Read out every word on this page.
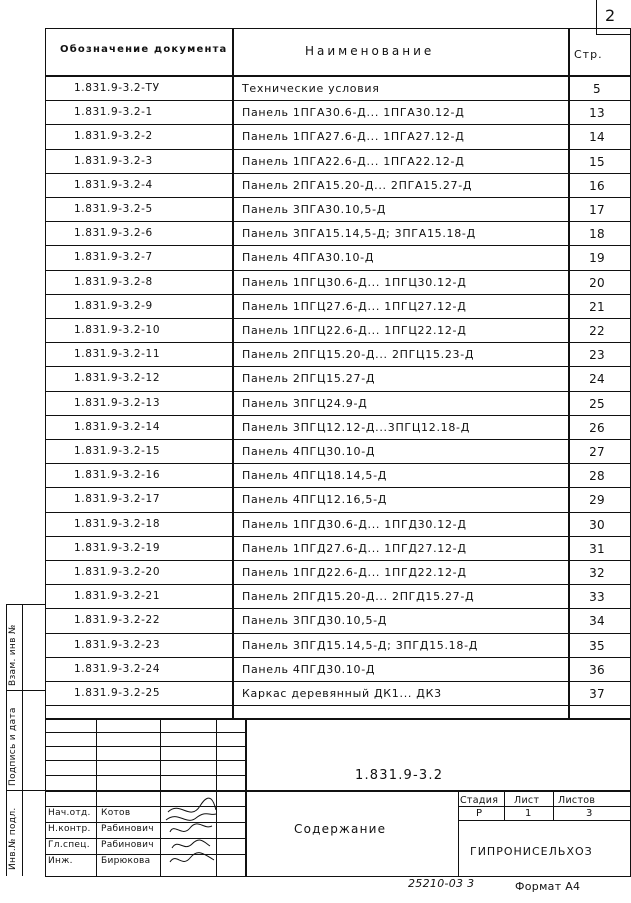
2
Обозначение документа	Наименование	Стр.
1.831.9-3.2-ТУ	Технические условия	5
1.831.9-3.2-1	Панель 1ПГА30.6-Д... 1ПГА30.12-Д	13
1.831.9-3.2-2	Панель 1ПГА27.6-Д... 1ПГА27.12-Д	14
1.831.9-3.2-3	Панель 1ПГА22.6-Д... 1ПГА22.12-Д	15
1.831.9-3.2-4	Панель 2ПГА15.20-Д... 2ПГА15.27-Д	16
1.831.9-3.2-5	Панель 3ПГА30.10,5-Д	17
1.831.9-3.2-6	Панель 3ПГА15.14,5-Д; 3ПГА15.18-Д	18
1.831.9-3.2-7	Панель 4ПГА30.10-Д	19
1.831.9-3.2-8	Панель 1ПГЦ30.6-Д... 1ПГЦ30.12-Д	20
1.831.9-3.2-9	Панель 1ПГЦ27.6-Д... 1ПГЦ27.12-Д	21
1.831.9-3.2-10	Панель 1ПГЦ22.6-Д... 1ПГЦ22.12-Д	22
1.831.9-3.2-11	Панель 2ПГЦ15.20-Д... 2ПГЦ15.23-Д	23
1.831.9-3.2-12	Панель 2ПГЦ15.27-Д	24
1.831.9-3.2-13	Панель 3ПГЦ24.9-Д	25
1.831.9-3.2-14	Панель 3ПГЦ12.12-Д...3ПГЦ12.18-Д	26
1.831.9-3.2-15	Панель 4ПГЦ30.10-Д	27
1.831.9-3.2-16	Панель 4ПГЦ18.14,5-Д	28
1.831.9-3.2-17	Панель 4ПГЦ12.16,5-Д	29
1.831.9-3.2-18	Панель 1ПГД30.6-Д... 1ПГД30.12-Д	30
1.831.9-3.2-19	Панель 1ПГД27.6-Д... 1ПГД27.12-Д	31
1.831.9-3.2-20	Панель 1ПГД22.6-Д... 1ПГД22.12-Д	32
1.831.9-3.2-21	Панель 2ПГД15.20-Д... 2ПГД15.27-Д	33
1.831.9-3.2-22	Панель 3ПГД30.10,5-Д	34
1.831.9-3.2-23	Панель 3ПГД15.14,5-Д; 3ПГД15.18-Д	35
1.831.9-3.2-24	Панель 4ПГД30.10-Д	36
1.831.9-3.2-25	Каркас деревянный ДК1... ДК3	37
Взам. инв №
Подпись и дата
Инв.№ подл.
1.831.9-3.2
Стадия Лист Листов
Р	1	3
Содержание
ГИПРОНИСЕЛЬХОЗ
Нач.отд. Котов
Н.контр. Рабинович
Гл.спец. Рабинович
Инж.	Бирюкова
25210-03 3	Формат А4
